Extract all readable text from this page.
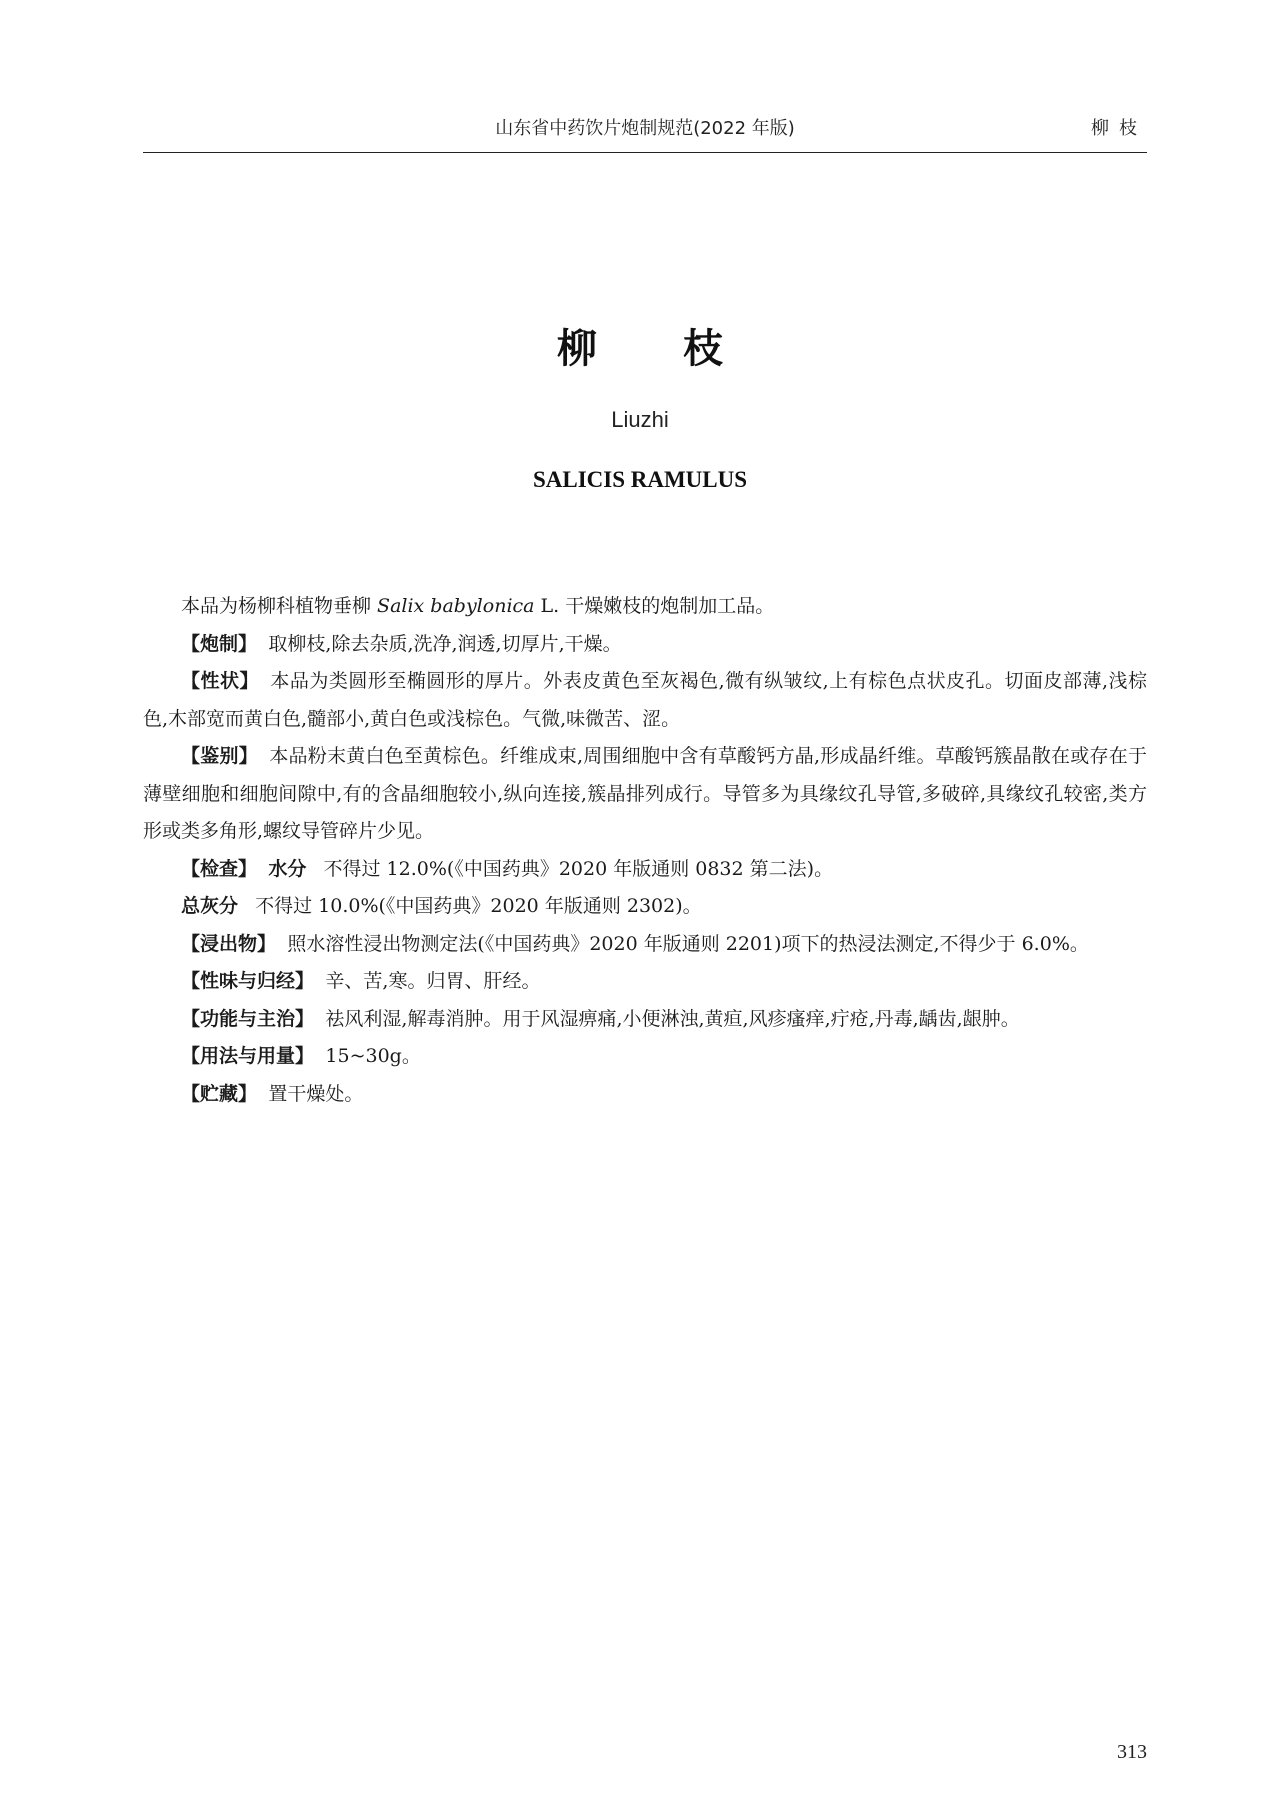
山东省中药饮片炮制规范(2022 年版)	柳枝
柳 枝
Liuzhi
SALICIS RAMULUS

本品为杨柳科植物垂柳 Salix babylonica L. 干燥嫩枝的炮制加工品。

【炮制】 取柳枝,除去杂质,洗净,润透,切厚片,干燥。

【性状】 本品为类圆形至椭圆形的厚片。外表皮黄色至灰褐色,微有纵皱纹,上有棕色点状皮孔。切面皮部薄,浅棕色,木部宽而黄白色,髓部小,黄白色或浅棕色。气微,味微苦、涩。

【鉴别】 本品粉末黄白色至黄棕色。纤维成束,周围细胞中含有草酸钙方晶,形成晶纤维。草酸钙簇晶散在或存在于薄壁细胞和细胞间隙中,有的含晶细胞较小,纵向连接,簇晶排列成行。导管多为具缘纹孔导管,多破碎,具缘纹孔较密,类方形或类多角形,螺纹导管碎片少见。

【检查】 水分 不得过 12.0%(《中国药典》2020 年版通则 0832 第二法)。

总灰分 不得过 10.0%(《中国药典》2020 年版通则 2302)。

【浸出物】 照水溶性浸出物测定法(《中国药典》2020 年版通则 2201)项下的热浸法测定,不得少于 6.0%。

【性味与归经】 辛、苦,寒。归胃、肝经。

【功能与主治】 祛风利湿,解毒消肿。用于风湿痹痛,小便淋浊,黄疸,风疹瘙痒,疔疮,丹毒,龋齿,龈肿。

【用法与用量】 15~30g。

【贮藏】 置干燥处。

313
